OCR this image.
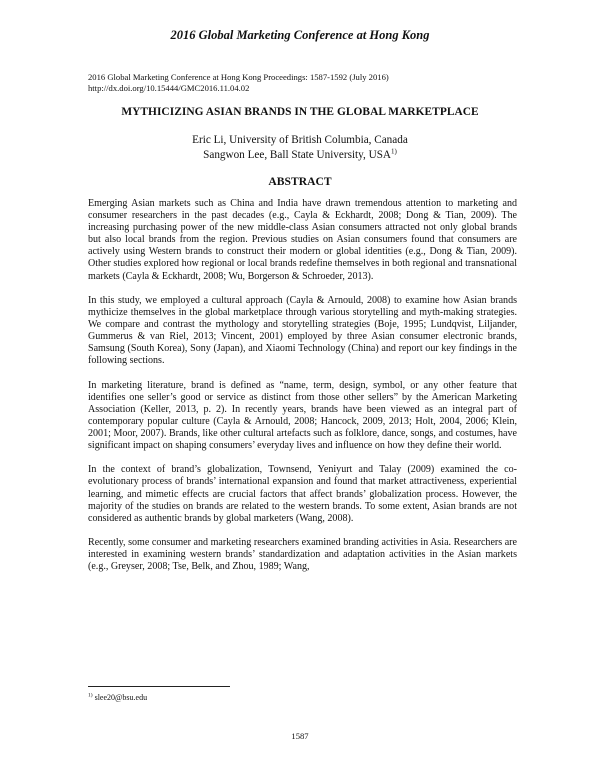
2016 Global Marketing Conference at Hong Kong
2016 Global Marketing Conference at Hong Kong Proceedings: 1587-1592 (July 2016)
http://dx.doi.org/10.15444/GMC2016.11.04.02
MYTHICIZING ASIAN BRANDS IN THE GLOBAL MARKETPLACE
Eric Li, University of British Columbia, Canada
Sangwon Lee, Ball State University, USA$^{1)}$
ABSTRACT

Emerging Asian markets such as China and India have drawn tremendous attention to marketing and consumer researchers in the past decades (e.g., Cayla & Eckhardt, 2008; Dong & Tian, 2009). The increasing purchasing power of the new middle-class Asian consumers attracted not only global brands but also local brands from the region. Previous studies on Asian consumers found that consumers are actively using Western brands to construct their modern or global identities (e.g., Dong & Tian, 2009). Other studies explored how regional or local brands redefine themselves in both regional and transnational markets (Cayla & Eckhardt, 2008; Wu, Borgerson & Schroeder, 2013).

In this study, we employed a cultural approach (Cayla & Arnould, 2008) to examine how Asian brands mythicize themselves in the global marketplace through various storytelling and myth-making strategies. We compare and contrast the mythology and storytelling strategies (Boje, 1995; Lundqvist, Liljander, Gummerus & van Riel, 2013; Vincent, 2001) employed by three Asian consumer electronic brands, Samsung (South Korea), Sony (Japan), and Xiaomi Technology (China) and report our key findings in the following sections.

In marketing literature, brand is defined as “name, term, design, symbol, or any other feature that identifies one seller’s good or service as distinct from those other sellers” by the American Marketing Association (Keller, 2013, p. 2). In recently years, brands have been viewed as an integral part of contemporary popular culture (Cayla & Arnould, 2008; Hancock, 2009, 2013; Holt, 2004, 2006; Klein, 2001; Moor, 2007). Brands, like other cultural artefacts such as folklore, dance, songs, and costumes, have significant impact on shaping consumers’ everyday lives and influence on how they define their world.

In the context of brand’s globalization, Townsend, Yeniyurt and Talay (2009) examined the co-evolutionary process of brands’ international expansion and found that market attractiveness, experiential learning, and mimetic effects are crucial factors that affect brands’ globalization process. However, the majority of the studies on brands are related to the western brands. To some extent, Asian brands are not considered as authentic brands by global marketers (Wang, 2008).

Recently, some consumer and marketing researchers examined branding activities in Asia. Researchers are interested in examining western brands’ standardization and adaptation activities in the Asian markets (e.g., Greyser, 2008; Tse, Belk, and Zhou, 1989; Wang,

$^{1)}$ slee20@bsu.edu
1587
